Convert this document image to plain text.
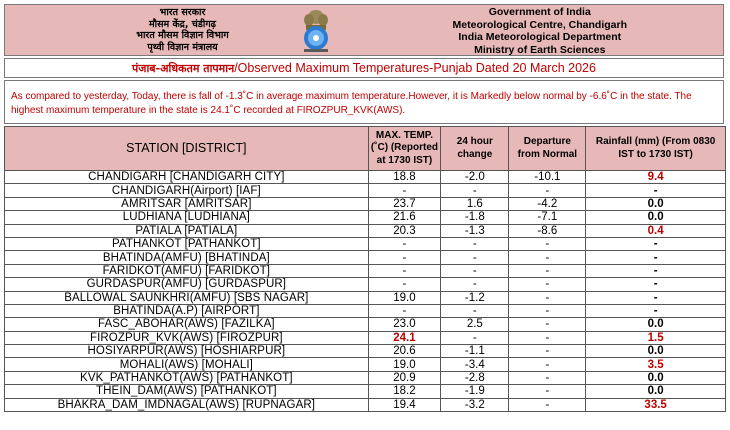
भारत सरकार
मौसम केंद्र, चंडीगढ़
भारत मौसम विज्ञान विभाग
पृथ्वी विज्ञान मंत्रालय
Government of India
Meteorological Centre, Chandigarh
India Meteorological Department
Ministry of Earth Sciences
पंजाब-अधिकतम तापमान/Observed Maximum Temperatures-Punjab Dated 20 March 2026
As compared to yesterday, Today, there is fall of -1.3˚C in average maximum temperature.However, it is Markedly below normal by -6.6˚C in the state. The highest maximum temperature in the state is 24.1˚C recorded at FIROZPUR_KVK(AWS).
STATION [DISTRICT]	MAX. TEMP.(˚C) (Reported at 1730 IST)	24 hour change	Departure from Normal	Rainfall (mm) (From 0830 IST to 1730 IST)
CHANDIGARH [CHANDIGARH CITY]	18.8	-2.0	-10.1	9.4
CHANDIGARH(Airport) [IAF]	-	-	-	-
AMRITSAR [AMRITSAR]	23.7	1.6	-4.2	0.0
LUDHIANA [LUDHIANA]	21.6	-1.8	-7.1	0.0
PATIALA [PATIALA]	20.3	-1.3	-8.6	0.4
PATHANKOT [PATHANKOT]	-	-	-	-
BHATINDA(AMFU) [BHATINDA]	-	-	-	-
FARIDKOT(AMFU) [FARIDKOT]	-	-	-	-
GURDASPUR(AMFU) [GURDASPUR]	-	-	-	-
BALLOWAL SAUNKHRI(AMFU) [SBS NAGAR]	19.0	-1.2	-	-
BHATINDA(A.P) [AIRPORT]	-	-	-	-
FASC_ABOHAR(AWS) [FAZILKA]	23.0	2.5	-	0.0
FIROZPUR_KVK(AWS) [FIROZPUR]	24.1	-	-	1.5
HOSIYARPUR(AWS) [HOSHIARPUR]	20.6	-1.1	-	0.0
MOHALI(AWS) [MOHALI]	19.0	-3.4	-	3.5
KVK_PATHANKOT(AWS) [PATHANKOT]	20.9	-2.8	-	0.0
THEIN_DAM(AWS) [PATHANKOT]	18.2	-1.9	-	0.0
BHAKRA_DAM_IMDNAGAL(AWS) [RUPNAGAR]	19.4	-3.2	-	33.5
